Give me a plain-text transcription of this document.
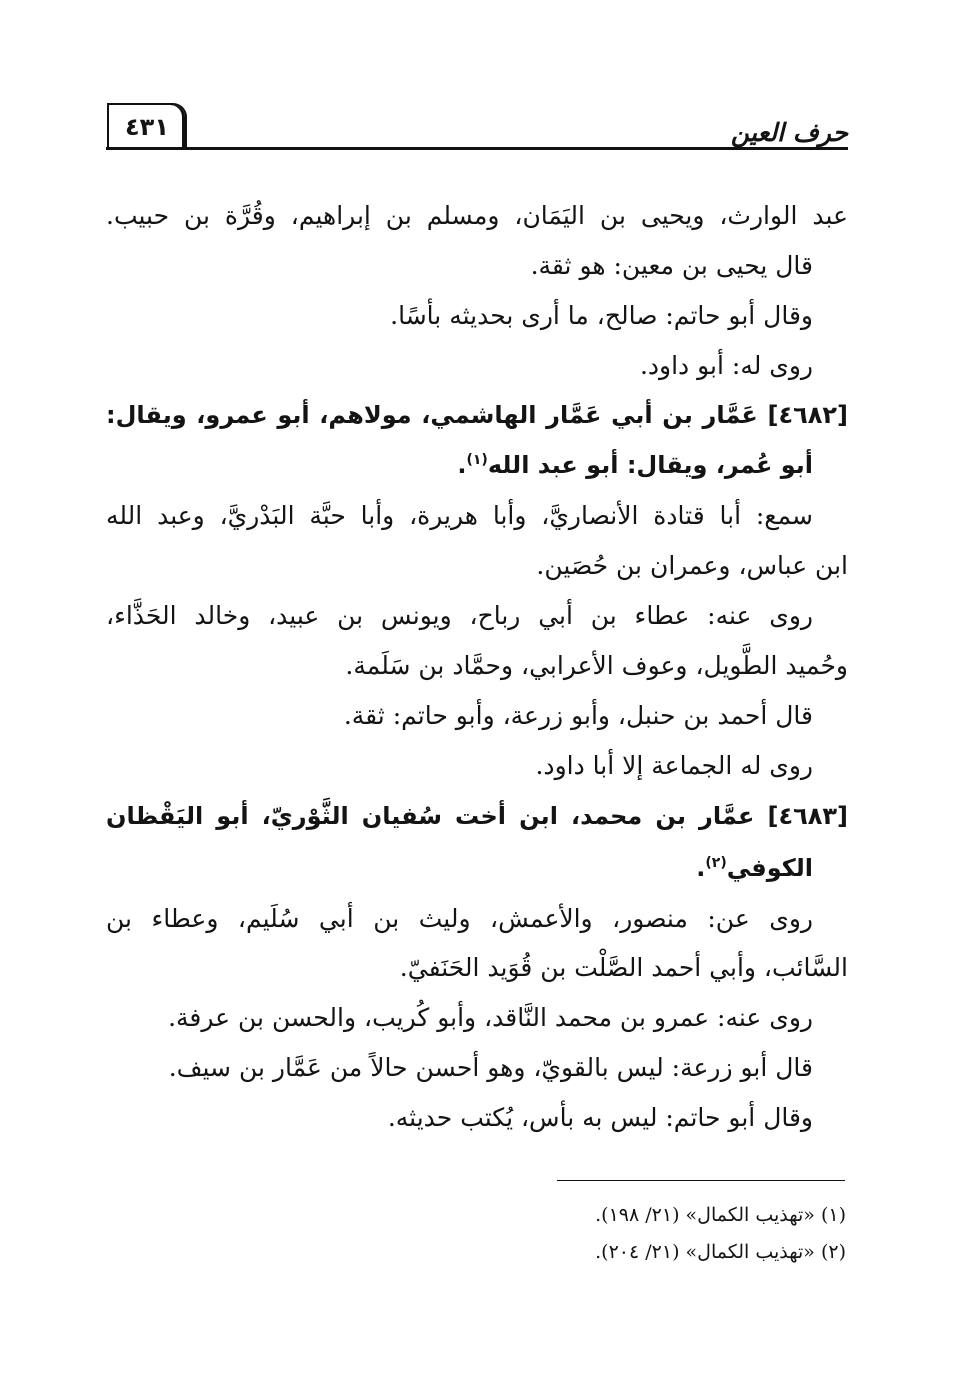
٤٣١	حرف العين
عبد الوارث، ويحيى بن اليَمَان، ومسلم بن إبراهيم، وقُرَّة بن حبيب.
قال يحيى بن معين: هو ثقة.
وقال أبو حاتم: صالح، ما أرى بحديثه بأسًا.
روى له: أبو داود.
[٤٦٨٢] عَمَّار بن أبي عَمَّار الهاشمي، مولاهم، أبو عمرو، ويقال:
أبو عُمر، ويقال: أبو عبد الله$^{(١)}$.
سمع: أبا قتادة الأنصاريَّ، وأبا هريرة، وأبا حبَّة البَدْريَّ، وعبد الله
ابن عباس، وعمران بن حُصَين.
روى عنه: عطاء بن أبي رباح، ويونس بن عبيد، وخالد الحَذَّاء،
وحُميد الطَّويل، وعوف الأعرابي، وحمَّاد بن سَلَمة.
قال أحمد بن حنبل، وأبو زرعة، وأبو حاتم: ثقة.
روى له الجماعة إلا أبا داود.
[٤٦٨٣] عمَّار بن محمد، ابن أخت سُفيان الثَّوْريّ، أبو اليَقْظان
الكوفي$^{(٢)}$.
روى عن: منصور، والأعمش، وليث بن أبي سُلَيم، وعطاء بن
السَّائب، وأبي أحمد الصَّلْت بن قُوَيد الحَنَفيّ.
روى عنه: عمرو بن محمد النَّاقد، وأبو كُريب، والحسن بن عرفة.
قال أبو زرعة: ليس بالقويّ، وهو أحسن حالاً من عَمَّار بن سيف.
وقال أبو حاتم: ليس به بأس، يُكتب حديثه.
(١) «تهذيب الكمال» (٢١/ ١٩٨).
(٢) «تهذيب الكمال» (٢١/ ٢٠٤).
